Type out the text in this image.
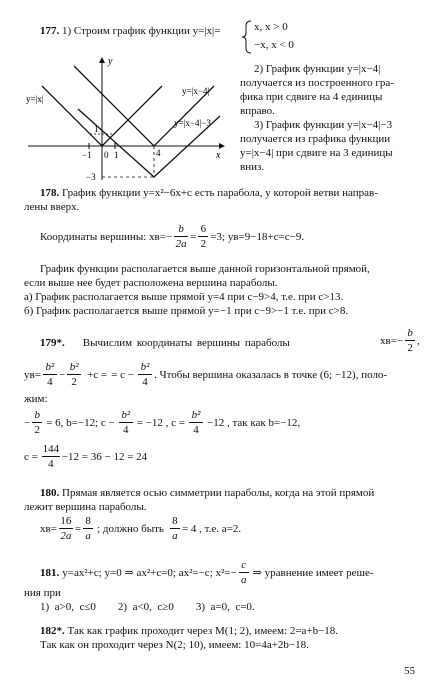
177. 1) Строим график функции y=|x|=	x, x > 0
−x, x < 0
y
x
−1 0 1	4
1
−3
y=|x|
y=|x−4|
y=|x−4|−3
2) График функции y=|x−4|
получается из построенного гра-
фика при сдвиге на 4 единицы
вправо.
3) График функции y=|x−4|−3
получается из графика функции
y=|x−4| при сдвиге на 3 единицы
вниз.
178. График функции y=x²−6x+c есть парабола, у которой ветви направ-
лены вверх.
Координаты вершины: xв=−
b
2a
=
6
2
=3; yв=9−18+c=c−9.
График функции располагается выше данной горизонтальной прямой,
если выше нее будет расположена вершина параболы.
а) График располагается выше прямой y=4 при c−9>4, т.е. при c>13.
б) График располагается выше прямой y=−1 при c−9>−1 т.е. при c>8.
179*. Вычислим координаты вершины параболы	xв=−
b
2
,
yв=
b²
4
−
b²
2
+c = = c −
b²
4
. Чтобы вершина оказалась в точке (6; −12), поло-
жим:
−
b
2
= 6, b=−12; c −
b²
4
= −12 , c =
b²
4
−12 , так как b=−12,
c =
144
4
−12 = 36 − 12 = 24
180. Прямая является осью симметрии параболы, когда на этой прямой
лежит вершина параболы.
xв=
16
2a
=
8
a
; должно быть
8
a
= 4 , т.е. a=2.
181. y=ax²+c; y=0 ⇒ ax²+c=0; ax²=−c; x²=−
c
a
⇒ уравнение имеет реше-
ния при
1)  a>0,  c≤0        2)  a<0,  c≥0        3)  a=0,  c=0.
182*. Так как график проходит через M(1; 2), имеем: 2=a+b−18.
Так как он проходит через N(2; 10), имеем: 10=4a+2b−18.
55
